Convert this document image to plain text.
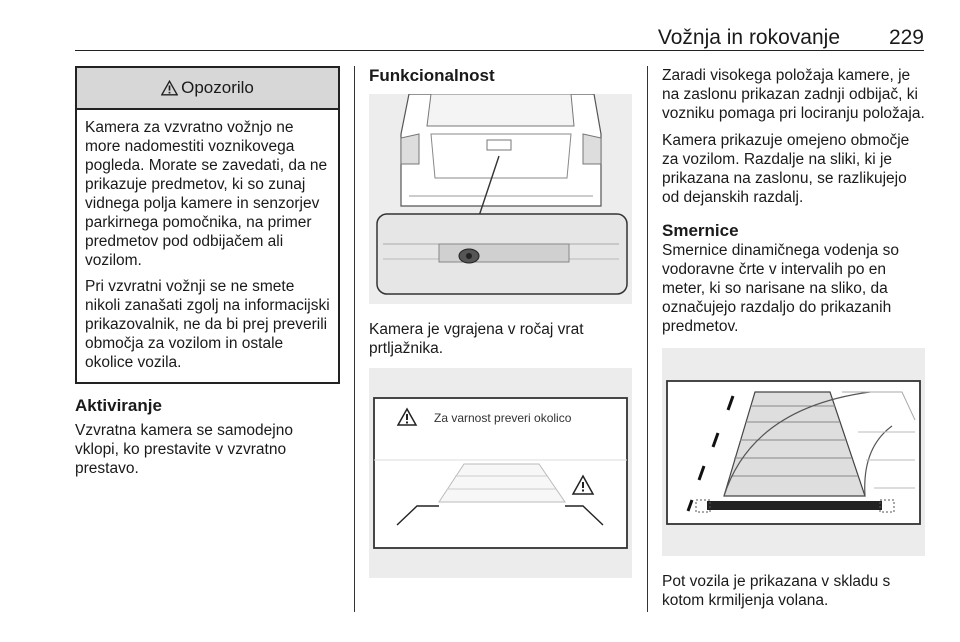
Vožnja in rokovanje 229
Opozorilo

Kamera za vzvratno vožnjo ne more nadomestiti voznikovega pogleda. Morate se zavedati, da ne prikazuje predmetov, ki so zunaj vidnega polja kamere in senzorjev parkirnega pomočnika, na primer predmetov pod odbijačem ali vozilom.

Pri vzvratni vožnji se ne smete nikoli zanašati zgolj na informacijski prikazovalnik, ne da bi prej preverili območja za vozilom in ostale okolice vozila.

Aktiviranje
Vzvratna kamera se samodejno vklopi, ko prestavite v vzvratno prestavo.
Funkcionalnost
Kamera je vgrajena v ročaj vrat prtljažnika.
Za varnost preveri okolico

Zaradi visokega položaja kamere, je na zaslonu prikazan zadnji odbijač, ki vozniku pomaga pri lociranju položaja.

Kamera prikazuje omejeno območje za vozilom. Razdalje na sliki, ki je prikazana na zaslonu, se razlikujejo od dejanskih razdalj.

Smernice

Smernice dinamičnega vodenja so vodoravne črte v intervalih po en meter, ki so narisane na sliko, da označujejo razdaljo do prikazanih predmetov.

Pot vozila je prikazana v skladu s kotom krmiljenja volana.
